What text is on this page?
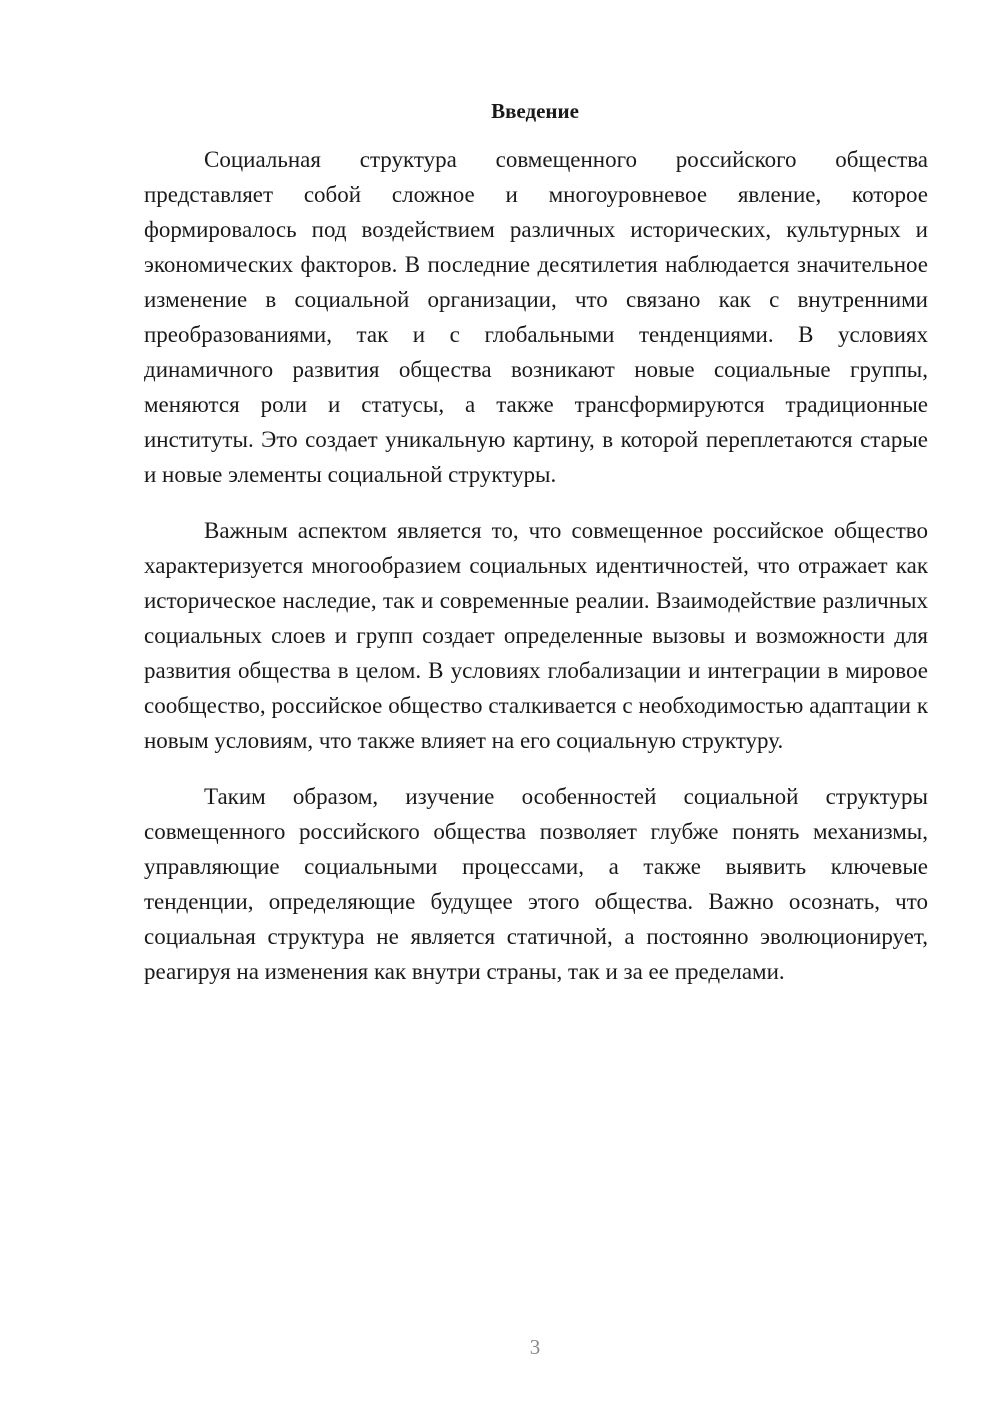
Введение

Социальная структура совмещенного российского общества представляет собой сложное и многоуровневое явление, которое формировалось под воздействием различных исторических, культурных и экономических факторов. В последние десятилетия наблюдается значительное изменение в социальной организации, что связано как с внутренними преобразованиями, так и с глобальными тенденциями. В условиях динамичного развития общества возникают новые социальные группы, меняются роли и статусы, а также трансформируются традиционные институты. Это создает уникальную картину, в которой переплетаются старые и новые элементы социальной структуры.

Важным аспектом является то, что совмещенное российское общество характеризуется многообразием социальных идентичностей, что отражает как историческое наследие, так и современные реалии. Взаимодействие различных социальных слоев и групп создает определенные вызовы и возможности для развития общества в целом. В условиях глобализации и интеграции в мировое сообщество, российское общество сталкивается с необходимостью адаптации к новым условиям, что также влияет на его социальную структуру.

Таким образом, изучение особенностей социальной структуры совмещенного российского общества позволяет глубже понять механизмы, управляющие социальными процессами, а также выявить ключевые тенденции, определяющие будущее этого общества. Важно осознать, что социальная структура не является статичной, а постоянно эволюционирует, реагируя на изменения как внутри страны, так и за ее пределами.

3
